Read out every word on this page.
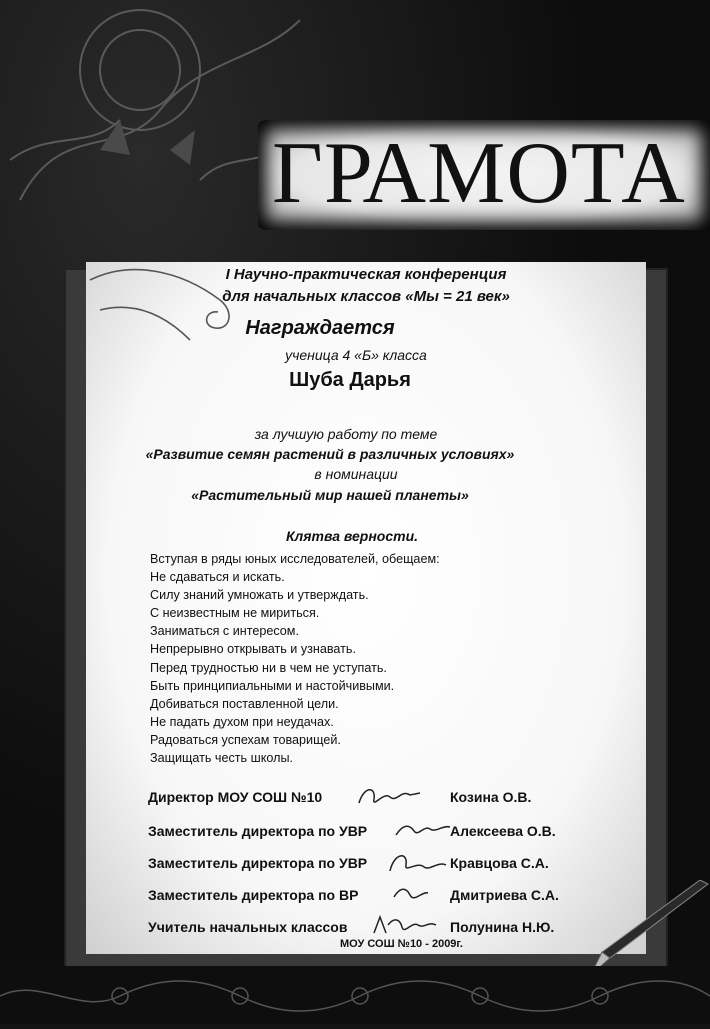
ГРАМОТА
I Научно-практическая конференция
для начальных классов «Мы = 21 век»
Награждается
ученица 4 «Б» класса
Шуба Дарья
за лучшую работу по теме
«Развитие семян растений в различных условиях»
в номинации
«Растительный мир нашей планеты»
Клятва верности.
Вступая в ряды юных исследователей, обещаем:
Не сдаваться и искать.
Силу знаний умножать и утверждать.
С неизвестным не мириться.
Заниматься с интересом.
Непрерывно открывать и узнавать.
Перед трудностью ни в чем не уступать.
Быть принципиальными и настойчивыми.
Добиваться поставленной цели.
Не падать духом при неудачах.
Радоваться успехам товарищей.
Защищать честь школы.
Директор МОУ СОШ №10	Козина О.В.
Заместитель директора по УВР	Алексеева О.В.
Заместитель директора по УВР	Кравцова С.А.
Заместитель директора по ВР	Дмитриева С.А.
Учитель начальных классов	Полунина Н.Ю.
МОУ СОШ №10 - 2009г.
